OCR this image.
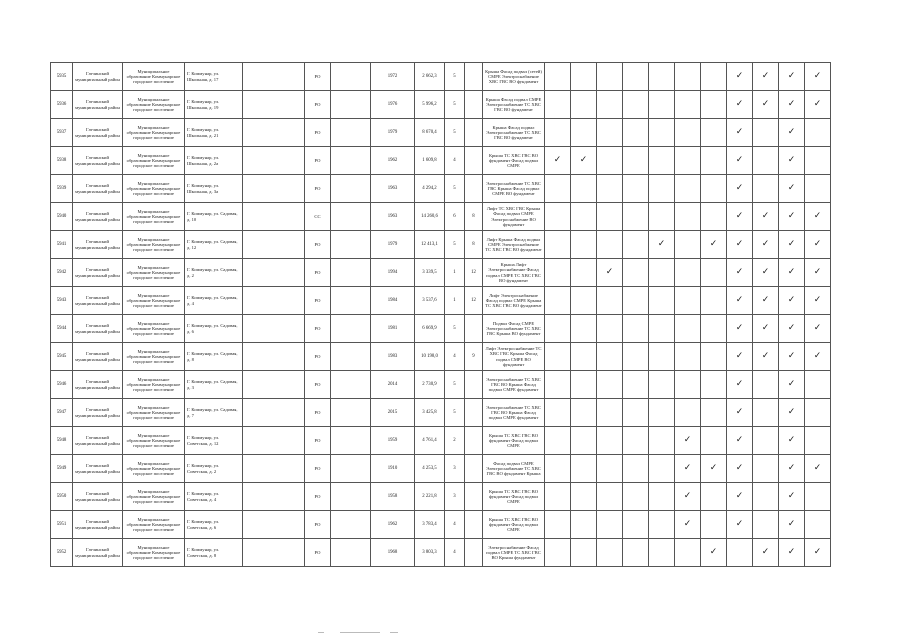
5935	Гатчинский муниципальный район	Муниципальное образование Коммунарское городское поселение	Г. Коммунар, ул. Школьная, д. 17		РО		1972	2 662,3	5		Крыша Фасад подвал (сетей) СМРЕ Электроснабжение ХВС ГВС ВО фундамент								✓	✓	✓	✓
5936	Гатчинский муниципальный район	Муниципальное образование Коммунарское городское поселение	Г. Коммунар, ул. Школьная, д. 19		РО		1976	5 996,2	5		Крыша Фасад подвал СМРЕ Электроснабжение ТС ХВС ГВС ВО фундамент								✓	✓	✓	✓
5937	Гатчинский муниципальный район	Муниципальное образование Коммунарское городское поселение	Г. Коммунар, ул. Школьная, д. 21		РО		1979	8 670,4	5		Крыша Фасад подвал Электроснабжение ТС ХВС ГВС ВО фундамент								✓		✓	
5938	Гатчинский муниципальный район	Муниципальное образование Коммунарское городское поселение	Г. Коммунар, ул. Школьная, д. 2а		РО		1962	1 609,8	4		Крыша ТС ХВС ГВС ВО фундамент Фасад подвал СМРЕ	✓	✓						✓		✓	
5939	Гатчинский муниципальный район	Муниципальное образование Коммунарское городское поселение	Г. Коммунар, ул. Школьная, д. 3а		РО		1963	4 294,2	5		Электроснабжение ТС ХВС ГВС Крыша Фасад подвал СМРЕ ВО фундамент								✓		✓	
5940	Гатчинский муниципальный район	Муниципальное образование Коммунарское городское поселение	Г. Коммунар, ул. Садовая, д. 10		СС		1963	14 260,6	6	8	Лифт ТС ХВС ГВС Крыша Фасад подвал СМРЕ Электроснабжение ВО фундамент								✓	✓	✓	✓
5941	Гатчинский муниципальный район	Муниципальное образование Коммунарское городское поселение	Г. Коммунар, ул. Садовая, д. 12		РО		1979	12 413,1	5	8	Лифт Крыша Фасад подвал СМРЕ Электроснабжение ТС ХВС ГВС ВО фундамент					✓		✓	✓	✓	✓	✓
5942	Гатчинский муниципальный район	Муниципальное образование Коммунарское городское поселение	Г. Коммунар, ул. Садовая, д. 2		РО		1994	3 339,5	1	12	Крыша Лифт Электроснабжение Фасад подвал СМРЕ ТС ХВС ГВС ВО фундамент			✓					✓	✓	✓	✓
5943	Гатчинский муниципальный район	Муниципальное образование Коммунарское городское поселение	Г. Коммунар, ул. Садовая, д. 4		РО		1984	3 537,6	1	12	Лифт Электроснабжение Фасад подвал СМРЕ Крыша ТС ХВС ГВС ВО фундамент								✓	✓	✓	✓
5944	Гатчинский муниципальный район	Муниципальное образование Коммунарское городское поселение	Г. Коммунар, ул. Садовая, д. 6		РО		1981	6 669,9	5		Подвал Фасад СМРЕ Электроснабжение ТС ХВС ГВС Крыша ВО фундамент								✓	✓	✓	✓
5945	Гатчинский муниципальный район	Муниципальное образование Коммунарское городское поселение	Г. Коммунар, ул. Садовая, д. 8		РО		1983	10 198,0	4	9	Лифт Электроснабжение ТС ХВС ГВС Крыша Фасад подвал СМРЕ ВО фундамент								✓	✓	✓	✓
5946	Гатчинский муниципальный район	Муниципальное образование Коммунарское городское поселение	Г. Коммунар, ул. Садовая, д. 3		РО		2014	2 730,9	5		Электроснабжение ТС ХВС ГВС ВО Крыша Фасад подвал СМРЕ фундамент								✓		✓	
5947	Гатчинский муниципальный район	Муниципальное образование Коммунарское городское поселение	Г. Коммунар, ул. Садовая, д. 7		РО		2015	3 425,8	5		Электроснабжение ТС ХВС ГВС ВО Крыша Фасад подвал СМРЕ фундамент								✓		✓	
5948	Гатчинский муниципальный район	Муниципальное образование Коммунарское городское поселение	Г. Коммунар, ул. Советская, д. 12		РО		1959	4 761,4	2		Крыша ТС ХВС ГВС ВО фундамент Фасад подвал СМРЕ						✓		✓		✓	
5949	Гатчинский муниципальный район	Муниципальное образование Коммунарское городское поселение	Г. Коммунар, ул. Советская, д. 2		РО		1910	4 253,5	3		Фасад подвал СМРЕ Электроснабжение ТС ХВС ГВС ВО фундамент Крыша						✓	✓	✓		✓	✓
5950	Гатчинский муниципальный район	Муниципальное образование Коммунарское городское поселение	Г. Коммунар, ул. Советская, д. 4		РО		1958	2 221,8	3		Крыша ТС ХВС ГВС ВО фундамент Фасад подвал СМРЕ						✓		✓		✓	
5951	Гатчинский муниципальный район	Муниципальное образование Коммунарское городское поселение	Г. Коммунар, ул. Советская, д. 6		РО		1962	3 783,4	4		Крыша ТС ХВС ГВС ВО фундамент Фасад подвал СМРЕ						✓		✓		✓	
5952	Гатчинский муниципальный район	Муниципальное образование Коммунарское городское поселение	Г. Коммунар, ул. Советская, д. 8		РО		1968	3 803,3	4		Электроснабжение Фасад подвал СМРЕ ТС ХВС ГВС ВО Крыша фундамент							✓		✓	✓	✓
